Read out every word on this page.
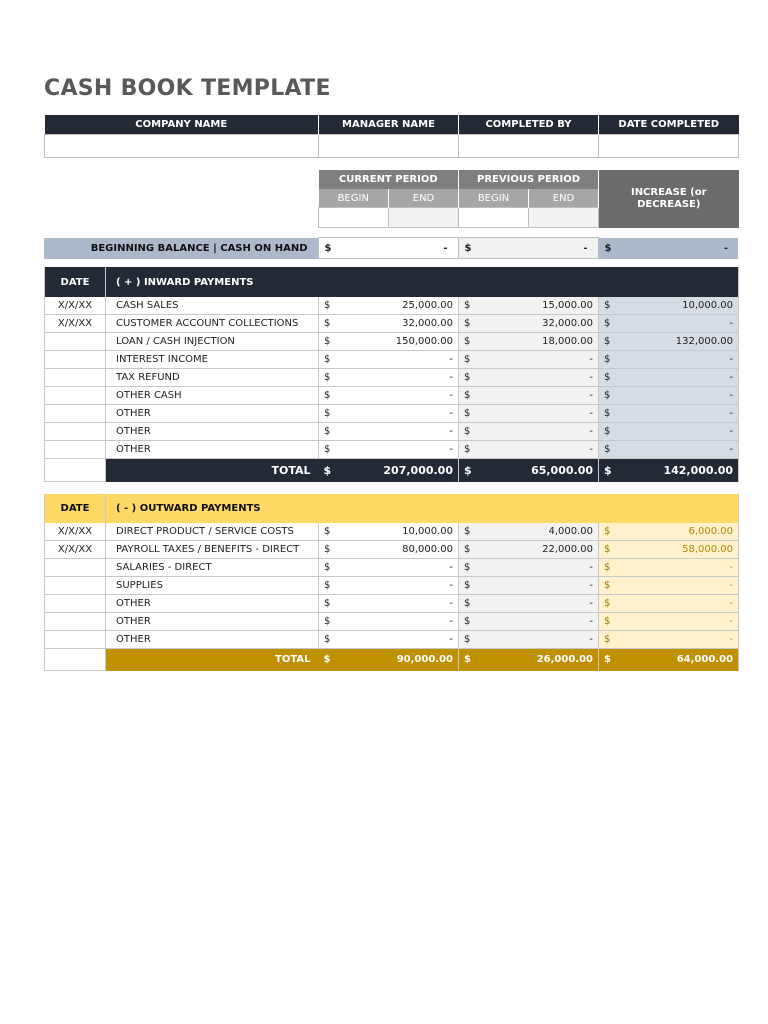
CASH BOOK TEMPLATE
COMPANY NAME	MANAGER NAME	COMPLETED BY	DATE COMPLETED

CURRENT PERIOD		PREVIOUS PERIOD		INCREASE (or DECREASE)
BEGIN	END	BEGIN	END	

BEGINNING BALANCE | CASH ON HAND	$	-	$	-	$	-
DATE	( + ) INWARD PAYMENTS			
X/X/XX	CASH SALES	$ 25,000.00	$ 15,000.00	$ 10,000.00

X/X/XX	CUSTOMER ACCOUNT COLLECTIONS	$ 32,000.00	$ 32,000.00	$ -

	LOAN / CASH INJECTION	$ 150,000.00	$ 18,000.00	$ 132,000.00

	INTEREST INCOME	$ -	$ -	$ -

	TAX REFUND	$ -	$ -	$ -

	OTHER CASH	$ -	$ -	$ -

	OTHER	$ -	$ -	$ -

	OTHER	$ -	$ -	$ -

	OTHER	$ -	$ -	$ -

	TOTAL	$ 207,000.00	$ 65,000.00	$ 142,000.00
DATE	( - ) OUTWARD PAYMENTS			
X/X/XX	DIRECT PRODUCT / SERVICE COSTS	$ 10,000.00	$ 4,000.00	$ 6,000.00

X/X/XX	PAYROLL TAXES / BENEFITS - DIRECT	$ 80,000.00	$ 22,000.00	$ 58,000.00

	SALARIES - DIRECT	$ -	$ -	$ -

	SUPPLIES	$ -	$ -	$ -

	OTHER	$ -	$ -	$ -

	OTHER	$ -	$ -	$ -

	OTHER	$ -	$ -	$ -

	TOTAL	$ 90,000.00	$ 26,000.00	$ 64,000.00
